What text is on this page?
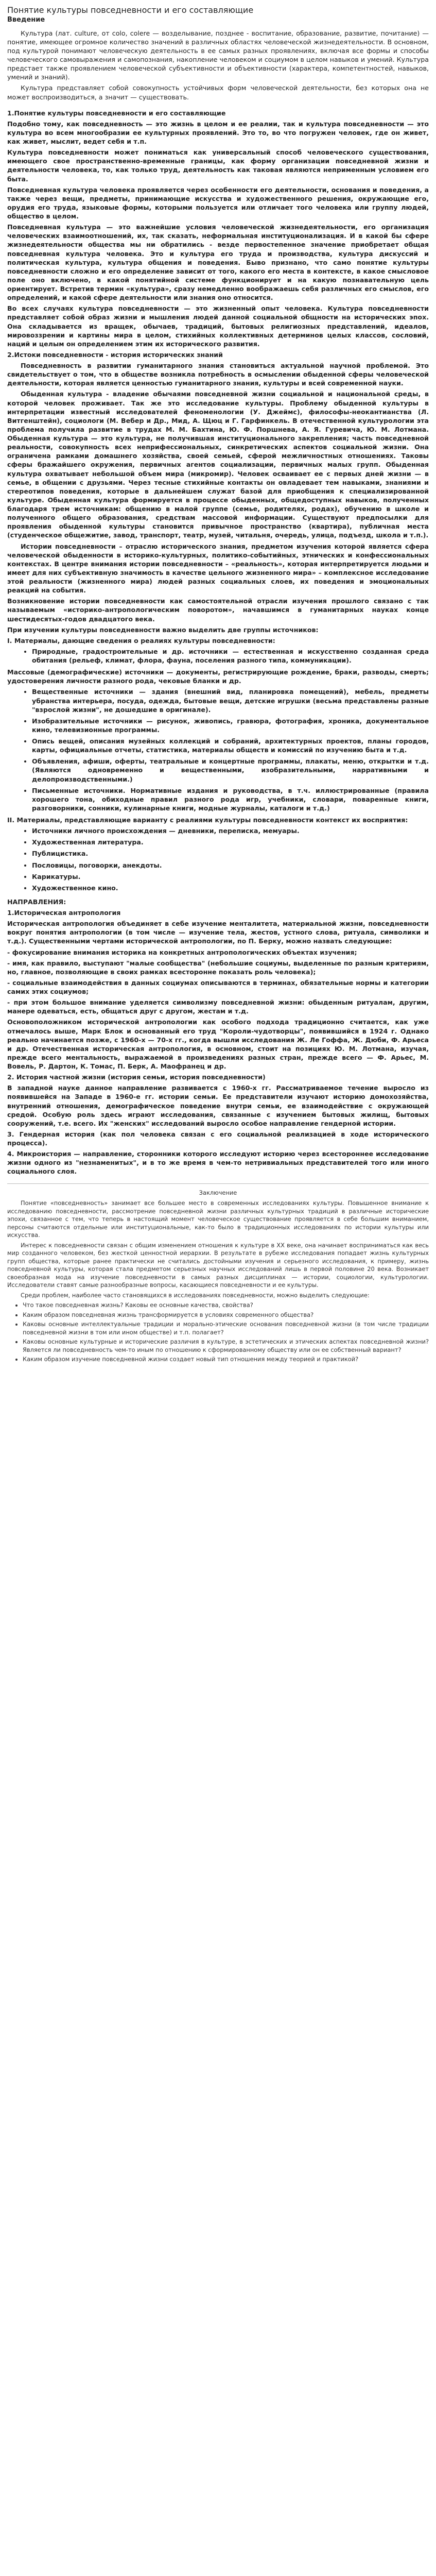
Понятие культуры повседневности и его составляющие
Введение

Культура (лат. culture, от colo, colere — возделывание, позднее - воспитание, образование, развитие, почитание) — понятие, имеющее огромное количество значений в различных областях человеческой жизнедеятельности. В основном, под культурой понимают человеческую деятельность в ее самых разных проявлениях, включая все формы и способы человеческого самовыражения и самопознания, накопление человеком и социумом в целом навыков и умений. Культура предстает также проявлением человеческой субъективности и объективности (характера, компетентностей, навыков, умений и знаний).

Культура представляет собой совокупность устойчивых форм человеческой деятельности, без которых она не может воспроизводиться, а значит — существовать.

1.Понятие культуры повседневности и его составляющие

Подобно тому, как повседневность — это жизнь в целом и ее реалии, так и культура повседневности — это культура во всем многообразии ее культурных проявлений. Это то, во что погружен человек, где он живет, как живет, мыслит, ведет себя и т.п.

Культура повседневности может пониматься как универсальный способ человеческого существования, имеющего свое пространственно-временные границы, как форму организации повседневной жизни и деятельности человека, то, как только труд, деятельность как таковая являются неприменным условием его быта.

Повседневная культура человека проявляется через особенности его деятельности, основания и поведения, а также через вещи, предметы, принимающие искусства и художественного решения, окружающие его, орудия его труда, языковые формы, которыми пользуется или отличает того человека или группу людей, общество в целом.

Повседневная культура — это важнейшие условия человеческой жизнедеятельности, его организация человеческих взаимоотношений, их, так сказать, неформальная институционализация. И в какой бы сфере жизнедеятельности общества мы ни обратились - везде первостепенное значение приобретает общая повседневная культура человека. Это и культура его труда и производства, культура дискуссий и политическая культура, культура общения и поведения. Быво признано, что само понятие культуры повседневности сложно и его определение зависит от того, какого его места в контексте, в какое смысловое поле оно включено, в какой понятийной системе функционирует и на какую познавательную цель ориентирует. Встретив термин «культура», сразу немедленно воображаешь себя различных его смыслов, его определений, и какой сфере деятельности или знания оно относится.

Во всех случаях культура повседневности — это жизненный опыт человека. Культура повседневности представляет собой образ жизни и мышления людей данной социальной общности на исторических эпох. Она складывается из вращек, обычаев, традиций, бытовых религиозных представлений, идеалов, мировоззрении и картины мира в целом, стихийных коллективных детерминов целых классов, сословий, наций и целым он определением этим их исторического развития.

2.Истоки повседневности - история исторических знаний

Повседневность в развитии гуманитарного знания становиться актуальной научной проблемой. Это свидетельствует о том, что в обществе возникла потребность в осмыслении обыденной сферы человеческой деятельности, которая является ценностью гуманитарного знания, культуры и всей современной науки.

Обыденная культура - владение обычаями повседневной жизни социальной и национальной среды, в которой человек проживает. Так же это исследование культуры. Проблему обыденной культуры в интерпретации известный исследователей феноменологии (У. Джеймс), философы-неокантианства (Л. Витгенштейн), социологи (М. Вебер и Др., Мид, А. Щюц и Г. Гарфинкель. В отечественной культурологии эта проблема получила развитие в трудах М. М. Бахтина, Ю. Ф. Поршнева, А. Я. Гуревича, Ю. М. Лотмана. Обыденная культура — это культура, не получившая институционального закрепления; часть повседневной реальности, совокупность всех неприфессиональных, синкретических аспектов социальной жизни. Она ограничена рамками домашнего хозяйства, своей семьей, сферой межличностных отношениях. Таковы сферы бражайшего окружения, первичных агентов социализации, первичных малых групп. Обыденная культура охватывает небольшой объем мира (микромир). Человек осваивает ее с первых дней жизни — в семье, в общении с друзьями. Через тесные стихийные контакты он овладевает тем навыками, знаниями и стереотипов поведения, которые в дальнейшем служат базой для приобщения к специализированной культуре. Обыденная культура формируется в процессе обыденных, общедоступных навыков, полученных благодаря трем источникам: общению в малой группе (семье, родителях, родах), обучению в школе и полученного общего образования, средствам массовой информации. Существуют предпосылки для проявления обыденной культуры становится привычное пространство (квартира), публичная места (студенческое общежитие, завод, транспорт, театр, музей, читальня, очередь, улица, подъезд, школа и т.п.).

Истории повседневности – отраслю исторического знания, предметом изучения которой является сфера человеческой обыденности в историко-культурных, политико-событийных, этнических и конфессиональных контекстах. В центре внимания истории повседневности – «реальность», которая интерпретируется людьми и имеет для них субъективную значимость в качестве цельного жизненного мира» – комплексное исследование этой реальности (жизненного мира) людей разных социальных слоев, их поведения и эмоциональных реакций на события.

Возникновение истории повседневности как самостоятельной отрасли изучения прошлого связано с так называемым «историко-антропологическим поворотом», начавшимся в гуманитарных науках конце шестидесятых-годов двадцатого века.

При изучении культуры повседневности важно выделить две группы источников:

I. Материалы, дающие сведения о реалиях культуры повседневности:

• Природные, градостроительные и др. источники — естественная и искусственно созданная среда обитания (рельеф, климат, флора, фауна, поселения разного типа, коммуникации).

Массовые (демографические) источники — документы, регистрирующие рождение, браки, разводы, смерть; удостоверения личности разного рода, чековые бланки и др.

• Вещественные источники — здания (внешний вид, планировка помещений), мебель, предметы убранства интерьера, посуда, одежда, бытовые вещи, детские игрушки (весьма представлены разные "взрослой жизни", не дошедшие в оригинале).
• Изобразительные источники — рисунок, живопись, гравюра, фотография, хроника, документальное кино, телевизионные программы.
• Опись вещей, описания музейных коллекций и собраний, архитектурных проектов, планы городов, карты, официальные отчеты, статистика, материалы обществ и комиссий по изучению быта и т.д.
• Объявления, афиши, оферты, театральные и концертные программы, плакаты, меню, открытки и т.д. (Являются одновременно и вещественными, изобразительными, нарративными и делопроизводственными.)
• Письменные источники. Нормативные издания и руководства, в т.ч. иллюстрированные (правила хорошего тона, обиходные правил разного рода игр, учебники, словари, поваренные книги, разговорники, сонники, кулинарные книги, модные журналы, каталоги и т.д.)

II. Материалы, представляющие варианту с реалиями культуры повседневности контекст их восприятия:

• Источники личного происхождения — дневники, переписка, мемуары.
• Художественная литература.
• Публицистика.
• Пословицы, поговорки, анекдоты.
• Карикатуры.
• Художественное кино.

НАПРАВЛЕНИЯ:

1.Историческая антропология

Историческая антропология объединяет в себе изучение менталитета, материальной жизни, повседневности вокруг понятия антропологии (в том числе — изучение тела, жестов, устного слова, ритуала, символики и т.д.). Существенными чертами исторической антропологии, по П. Берку, можно назвать следующие:

- фокусирование внимания историка на конкретных антропологических объектах изучения;

- имя, как правило, выступают "малые сообщества" (небольшие социумы, выделенные по разным критериям, но, главное, позволяющие в своих рамках всесторонне показать роль человека);

- социальные взаимодействия в данных социумах описываются в терминах, обязательные нормы и категории самих этих социумов;

- при этом большое внимание уделяется символизму повседневной жизни: обыденным ритуалам, другим, манере одеваться, есть, общаться друг с другом, жестам и т.д.

Основоположником исторической антропологии как особого подхода традиционно считается, как уже отмечалось выше, Марк Блок и основанный его труд "Короли-чудотворцы", появившийся в 1924 г. Однако реально начинается позже, с 1960-х — 70-х гг., когда вышли исследования Ж. Ле Гоффа, Ж. Дюби, Ф. Арьеса и др. Отечественная историческая антропология, в основном, стоит на позициях Ю. М. Лотмана, изучая, прежде всего ментальность, выражаемой в произведениях разных стран, прежде всего — Ф. Арьес, М. Вовель, Р. Дартон, К. Томас, П. Берк, А. Маофранец и др.

2. История частной жизни (история семьи, история повседневности)

В западной науке данное направление развивается с 1960-х гг. Рассматриваемое течение выросло из появившейся на Западе в 1960-е гг. истории семьи. Ее представители изучают историю домохозяйства, внутренний отношения, демографическое поведение внутри семьи, ее взаимодействие с окружающей средой. Особую роль здесь играют исследования, связанные с изучением бытовых жилищ, бытовых сооружений, т.е. всего. Их "женских" исследований выросло особое направление гендерной истории.

3. Гендерная история (как пол человека связан с его социальной реализацией в ходе исторического процесса).

4. Микроистория — направление, сторонники которого исследуют историю через всестороннее исследование жизни одного из "незнаменитых", и в то же время в чем-то нетривиальных представителей того или иного социального слоя.

Заключение

Понятие «повседневность» занимает все большее место в современных исследованиях культуры. Повышенное внимание к исследованию повседневности, рассмотрение повседневной жизни различных культурных традиций в различные исторические эпохи, связанное с тем, что теперь в настоящий момент человеческое существование проявляется в себе большим вниманием, персоны считаются отдельные или институциональные, как-то было в традиционных исследованиях по истории культуры или искусства.

Интерес к повседневности связан с общим изменением отношения к культуре в XX веке, она начинает восприниматься как весь мир созданного человеком, без жесткой ценностной иерархии. В результате в рубеже исследования попадает жизнь культурных групп общества, которые ранее практически не считались достойными изучения и серьезного исследования, к примеру, жизнь повседневной культуры, которая стала предметом серьезных научных исследований лишь в первой половине 20 века. Возникает своеобразная мода на изучение повседневности в самых разных дисциплинах — истории, социологии, культурологии. Исследователи ставят самые разнообразные вопросы, касающиеся повседневности и ее культуры.

Среди проблем, наиболее часто становящихся в исследованиях повседневности, можно выделить следующие:

• Что такое повседневная жизнь? Каковы ее основные качества, свойства?
• Каким образом повседневная жизнь трансформируется в условиях современного общества?
• Каковы основные интеллектуальные традиции и морально-этические основания повседневной жизни (в том числе традиции повседневной жизни в том или ином обществе) и т.п. полагает?
• Каковы основные культурные и исторические различия в культуре, в эстетических и этических аспектах повседневной жизни? Является ли повседневность чем-то иным по отношению к сформированному обществу или он ее собственный вариант?
• Каким образом изучение повседневной жизни создает новый тип отношения между теорией и практикой?
